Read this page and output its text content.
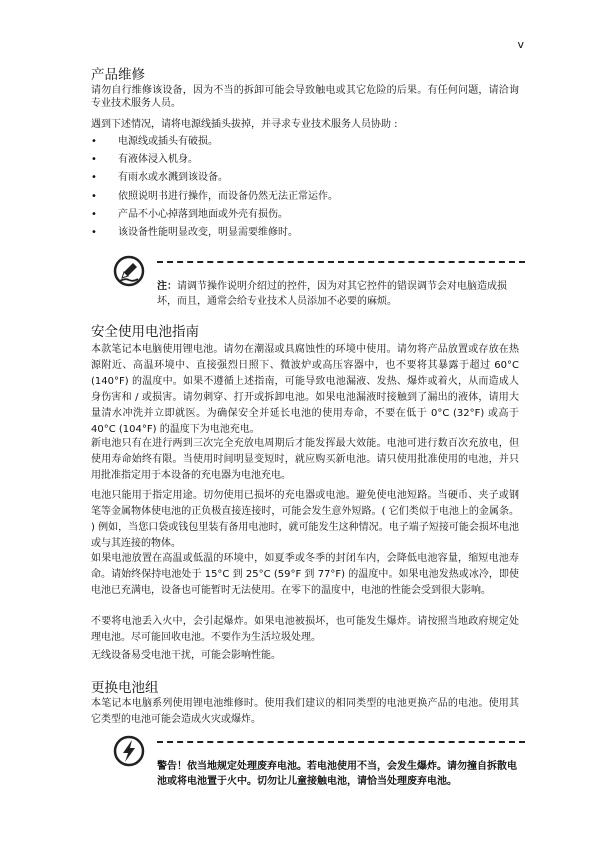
v
产品维修

请勿自行维修该设备，因为不当的拆卸可能会导致触电或其它危险的后果。有任何问题，请洽询专业技术服务人员。

遇到下述情况，请将电源线插头拔掉，并寻求专业技术服务人员协助 :

• 电源线或插头有破损。
• 有液体浸入机身。
• 有雨水或水溅到该设备。
• 依照说明书进行操作，而设备仍然无法正常运作。
• 产品不小心掉落到地面或外壳有损伤。
• 该设备性能明显改变，明显需要维修时。

注：请调节操作说明介绍过的控件，因为对其它控件的错误调节会对电脑造成损坏，而且，通常会给专业技术人员添加不必要的麻烦。

安全使用电池指南

本款笔记本电脑使用锂电池。请勿在潮湿或具腐蚀性的环境中使用。请勿将产品放置或存放在热源附近、高温环境中、直接强烈日照下、微波炉或高压容器中，也不要将其暴露于超过 60°C (140°F) 的温度中。如果不遵循上述指南，可能导致电池漏液、发热、爆炸或着火，从而造成人身伤害和 / 或损害。请勿刺穿、打开或拆卸电池。如果电池漏液时接触到了漏出的液体，请用大量清水冲洗并立即就医。为确保安全并延长电池的使用寿命，不要在低于 0°C (32°F) 或高于 40°C (104°F) 的温度下为电池充电。

新电池只有在进行两到三次完全充放电周期后才能发挥最大效能。电池可进行数百次充放电，但使用寿命始终有限。当使用时间明显变短时，就应购买新电池。请只使用批准使用的电池，并只用批准指定用于本设备的充电器为电池充电。

电池只能用于指定用途。切勿使用已损坏的充电器或电池。避免使电池短路。当硬币、夹子或钢笔等金属物体使电池的正负极直接连接时，可能会发生意外短路。( 它们类似于电池上的金属条。 ) 例如，当您口袋或钱包里装有备用电池时，就可能发生这种情况。电子端子短接可能会损坏电池或与其连接的物体。

如果电池放置在高温或低温的环境中，如夏季或冬季的封闭车内，会降低电池容量，缩短电池寿命。请始终保持电池处于 15°C 到 25°C (59°F 到 77°F) 的温度中。如果电池发热或冰冷，即使电池已充满电，设备也可能暂时无法使用。在零下的温度中，电池的性能会受到很大影响。

不要将电池丢入火中，会引起爆炸。如果电池被损坏，也可能发生爆炸。请按照当地政府规定处理电池。尽可能回收电池。不要作为生活垃圾处理。

无线设备易受电池干扰，可能会影响性能。

更换电池组

本笔记本电脑系列使用锂电池维修时。使用我们建议的相同类型的电池更换产品的电池。使用其它类型的电池可能会造成火灾或爆炸。

警告！依当地规定处理废弃电池。若电池使用不当，会发生爆炸。请勿撞自拆散电池或将电池置于火中。切勿让儿童接触电池，请恰当处理废弃电池。
